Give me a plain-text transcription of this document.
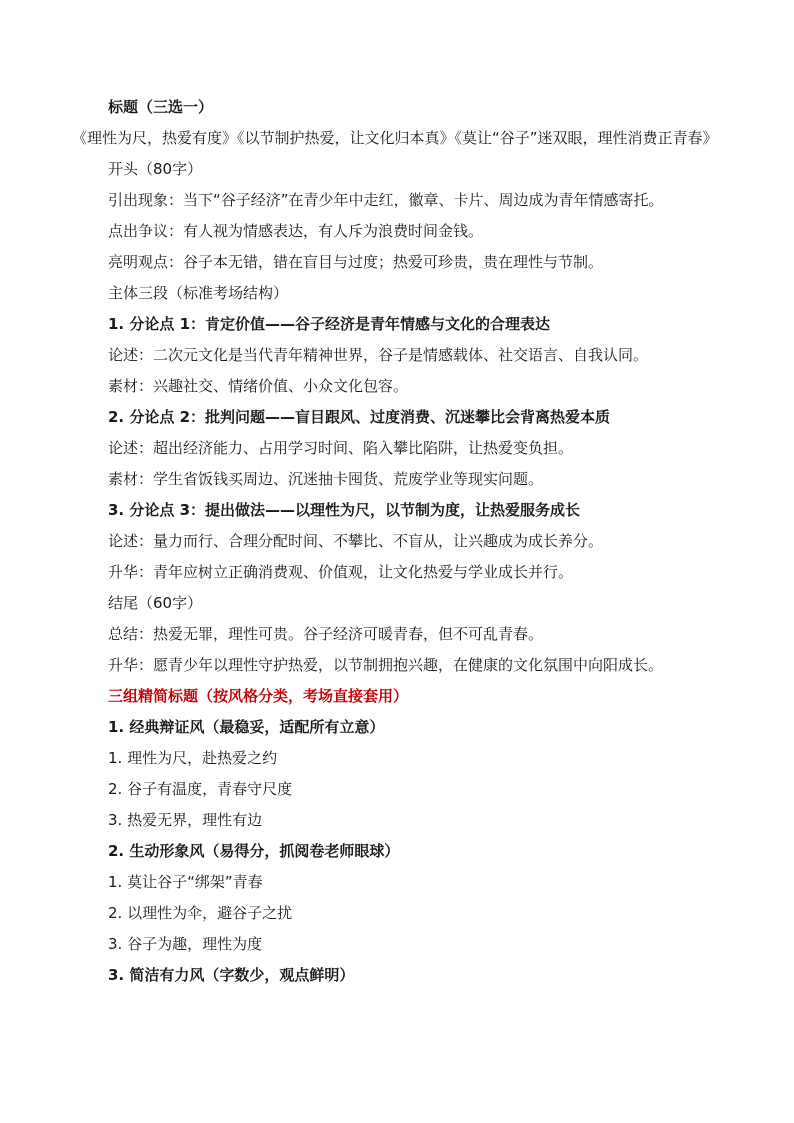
标题（三选一）
《理性为尺，热爱有度》《以节制护热爱，让文化归本真》《莫让“谷子”迷双眼，理性消费正青春》
开头（80字）
引出现象：当下“谷子经济”在青少年中走红，徽章、卡片、周边成为青年情感寄托。
点出争议：有人视为情感表达，有人斥为浪费时间金钱。
亮明观点：谷子本无错，错在盲目与过度；热爱可珍贵，贵在理性与节制。
主体三段（标准考场结构）
1. 分论点 1：肯定价值——谷子经济是青年情感与文化的合理表达
论述：二次元文化是当代青年精神世界，谷子是情感载体、社交语言、自我认同。
素材：兴趣社交、情绪价值、小众文化包容。
2. 分论点 2：批判问题——盲目跟风、过度消费、沉迷攀比会背离热爱本质
论述：超出经济能力、占用学习时间、陷入攀比陷阱，让热爱变负担。
素材：学生省饭钱买周边、沉迷抽卡囤货、荒废学业等现实问题。
3. 分论点 3：提出做法——以理性为尺，以节制为度，让热爱服务成长
论述：量力而行、合理分配时间、不攀比、不盲从，让兴趣成为成长养分。
升华：青年应树立正确消费观、价值观，让文化热爱与学业成长并行。
结尾（60字）
总结：热爱无罪，理性可贵。谷子经济可暖青春，但不可乱青春。
升华：愿青少年以理性守护热爱，以节制拥抱兴趣，在健康的文化氛围中向阳成长。
三组精简标题（按风格分类，考场直接套用）
1. 经典辩证风（最稳妥，适配所有立意）
1. 理性为尺，赴热爱之约
2. 谷子有温度，青春守尺度
3. 热爱无界，理性有边
2. 生动形象风（易得分，抓阅卷老师眼球）
1. 莫让谷子“绑架”青春
2. 以理性为伞，避谷子之扰
3. 谷子为趣，理性为度
3. 简洁有力风（字数少，观点鲜明）
